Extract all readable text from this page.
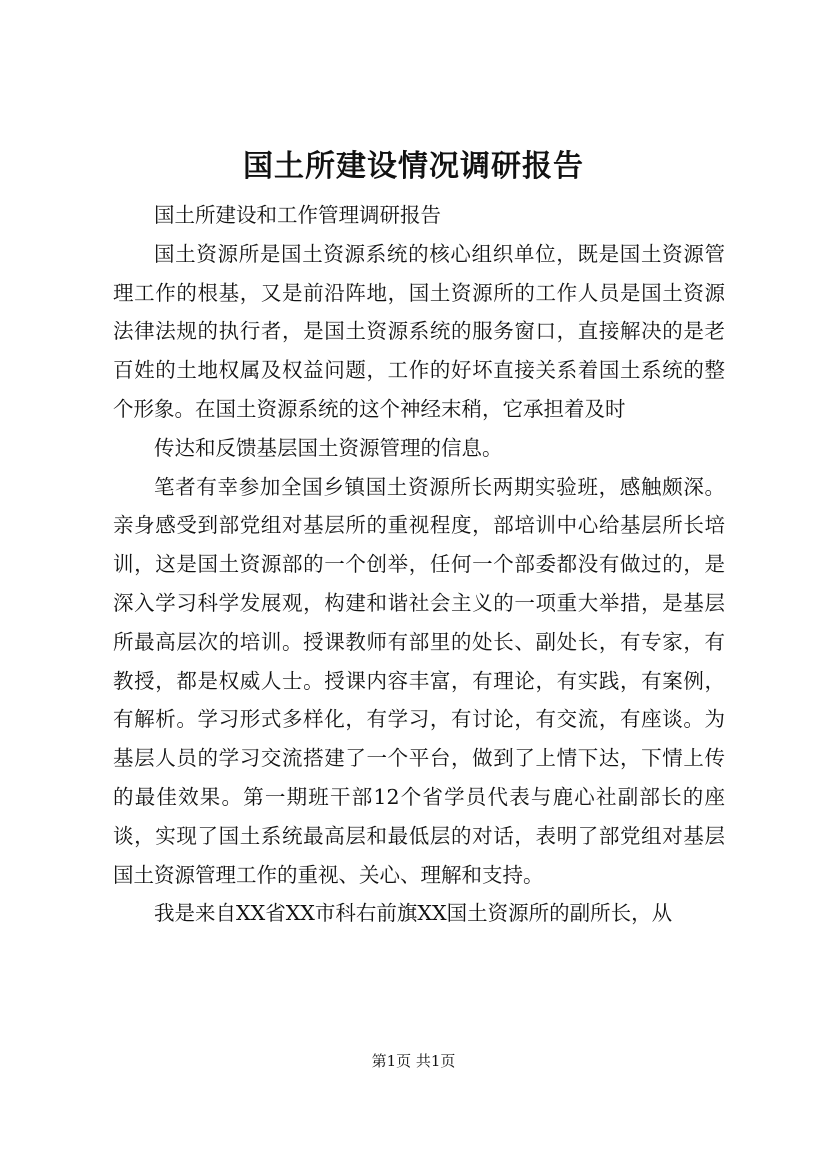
国土所建设情况调研报告

国土所建设和工作管理调研报告

国土资源所是国土资源系统的核心组织单位，既是国土资源管理工作的根基，又是前沿阵地，国土资源所的工作人员是国土资源法律法规的执行者，是国土资源系统的服务窗口，直接解决的是老百姓的土地权属及权益问题，工作的好坏直接关系着国土系统的整个形象。在国土资源系统的这个神经末稍，它承担着及时

传达和反馈基层国土资源管理的信息。

笔者有幸参加全国乡镇国土资源所长两期实验班，感触颇深。亲身感受到部党组对基层所的重视程度，部培训中心给基层所长培训，这是国土资源部的一个创举，任何一个部委都没有做过的，是深入学习科学发展观，构建和谐社会主义的一项重大举措，是基层所最高层次的培训。授课教师有部里的处长、副处长，有专家，有教授，都是权威人士。授课内容丰富，有理论，有实践，有案例，有解析。学习形式多样化，有学习，有讨论，有交流，有座谈。为基层人员的学习交流搭建了一个平台，做到了上情下达，下情上传的最佳效果。第一期班干部12个省学员代表与鹿心社副部长的座谈，实现了国土系统最高层和最低层的对话，表明了部党组对基层国土资源管理工作的重视、关心、理解和支持。

我是来自XX省XX市科右前旗XX国土资源所的副所长，从

第1页 共1页
